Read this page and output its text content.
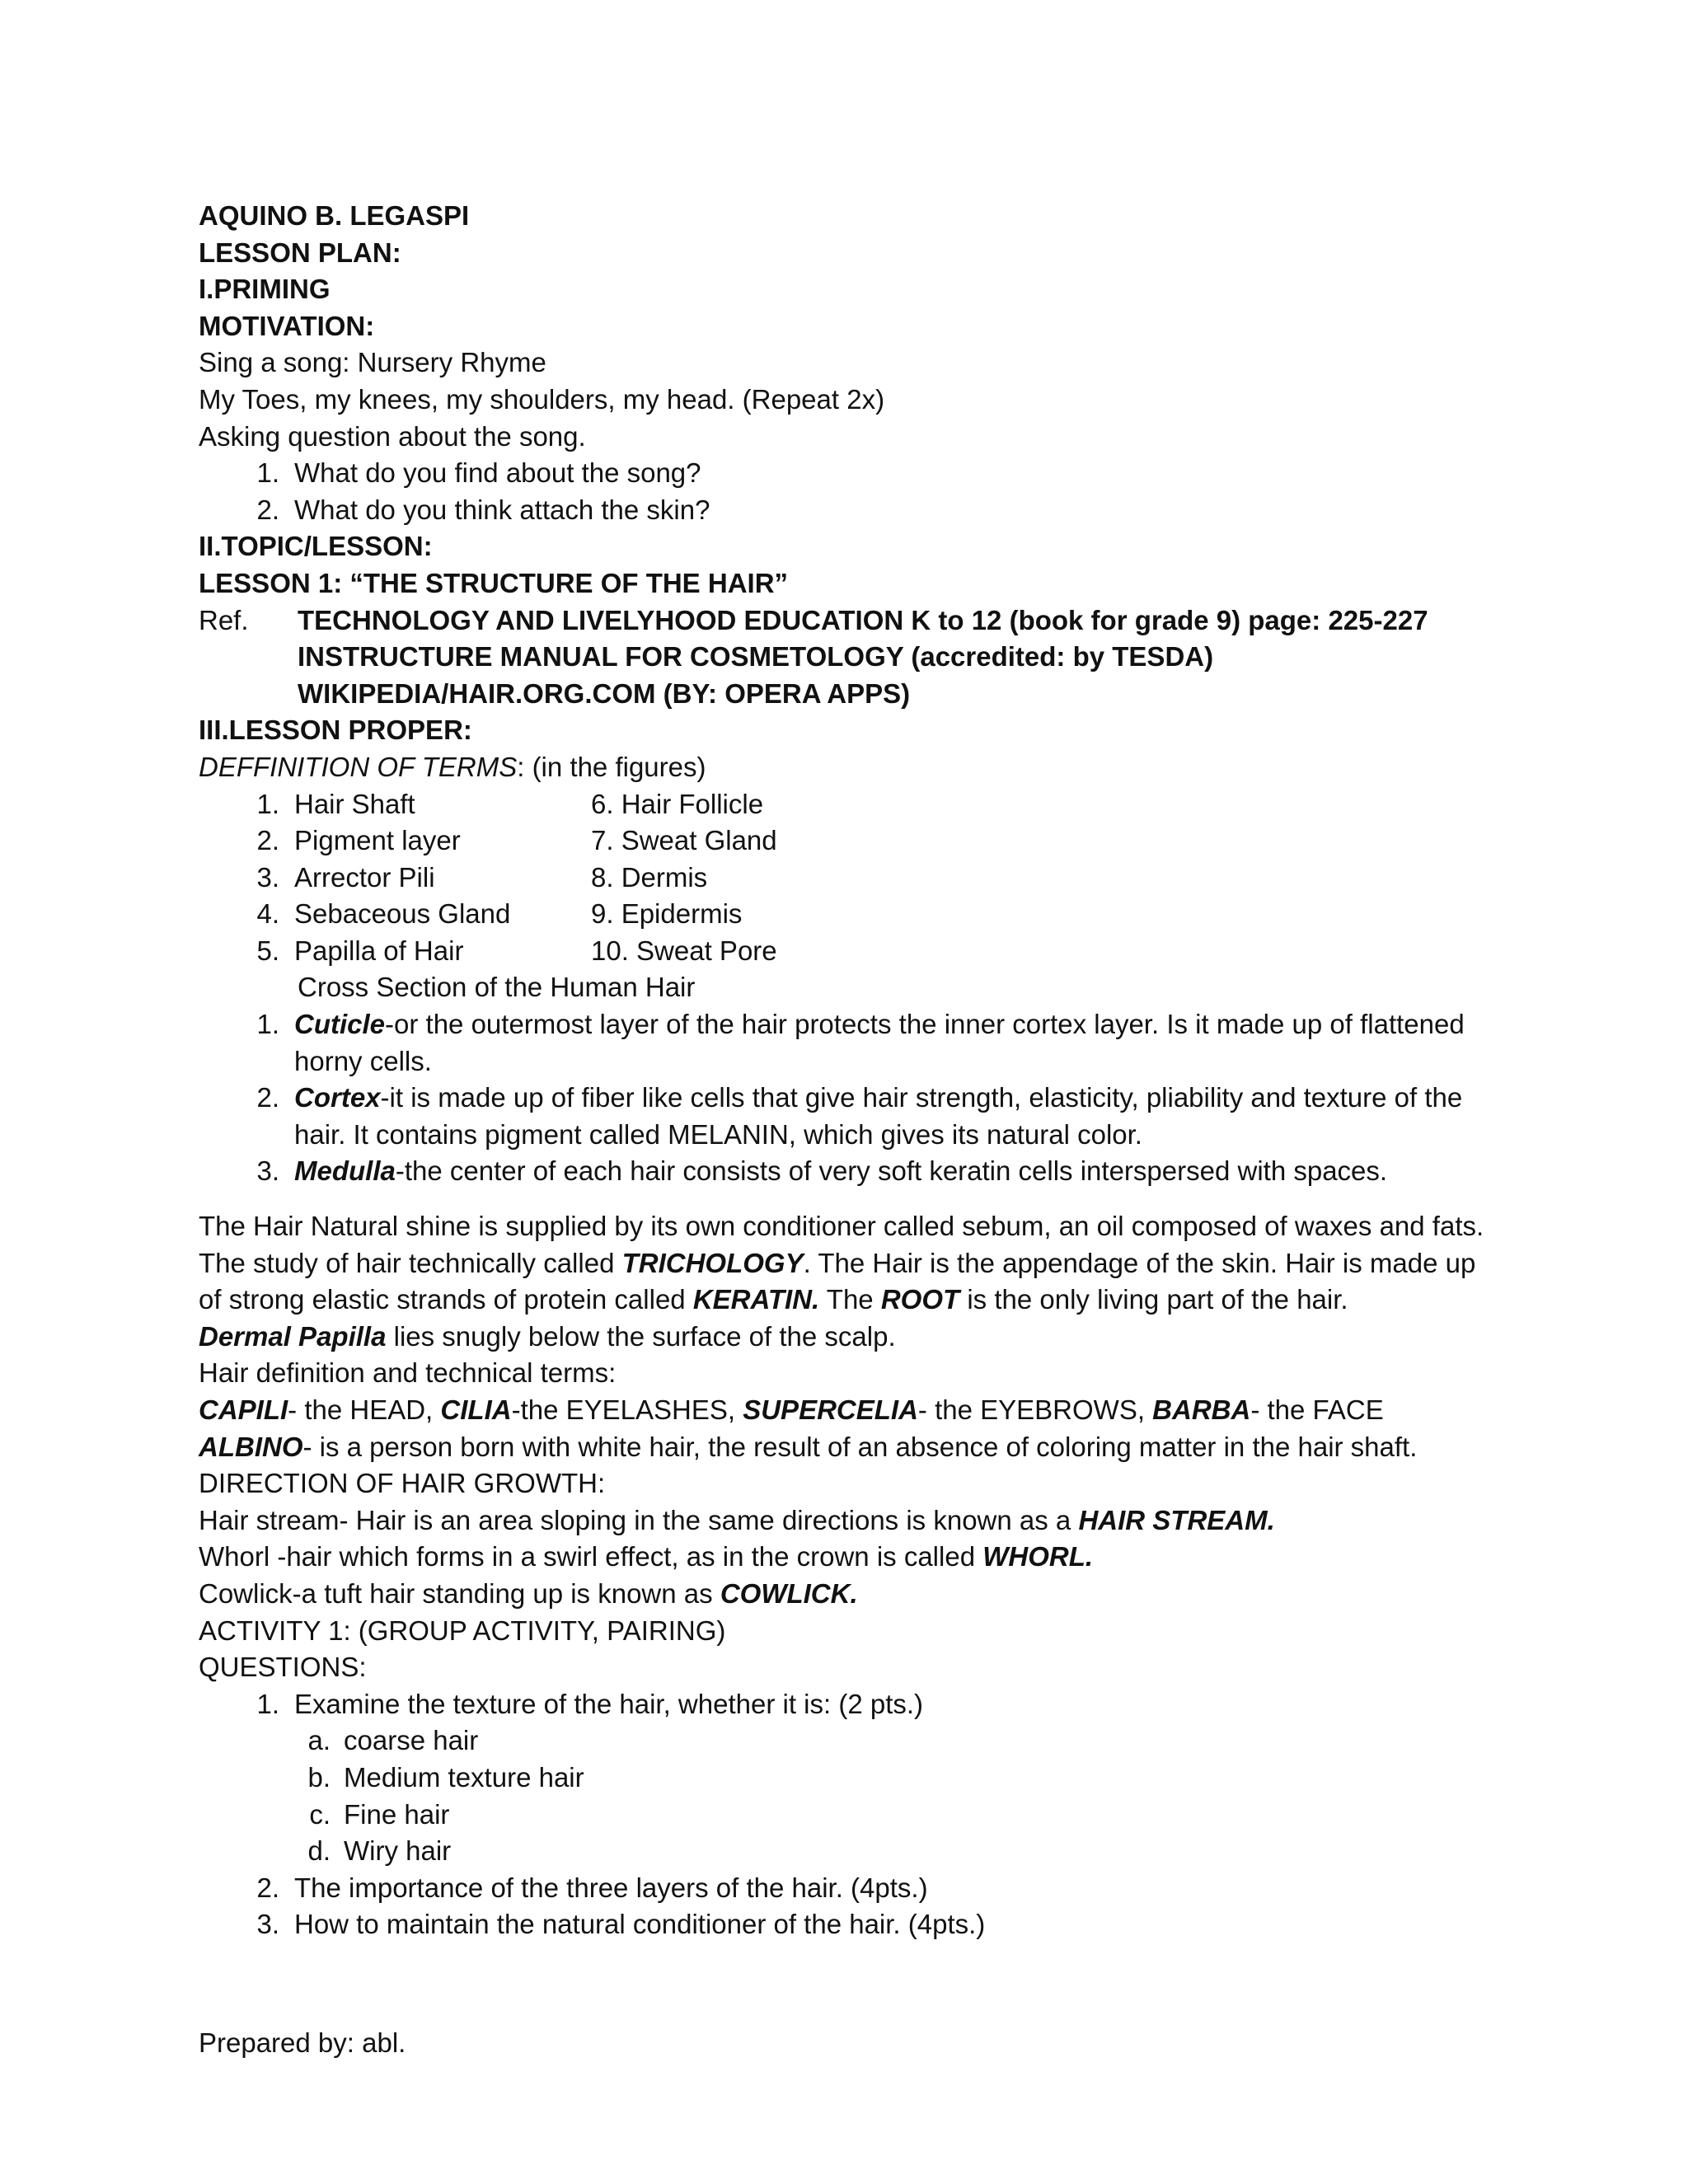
AQUINO B. LEGASPI
LESSON PLAN:
I.PRIMING
MOTIVATION:
Sing a song: Nursery Rhyme
My Toes, my knees, my shoulders, my head. (Repeat 2x)
Asking question about the song.
1. What do you find about the song?
2. What do you think attach the skin?
II.TOPIC/LESSON:
LESSON 1: “THE STRUCTURE OF THE HAIR”
Ref.	TECHNOLOGY AND LIVELYHOOD EDUCATION K to 12 (book for grade 9) page: 225-227
INSTRUCTURE MANUAL FOR COSMETOLOGY (accredited: by TESDA)
WIKIPEDIA/HAIR.ORG.COM (BY: OPERA APPS)
III.LESSON PROPER:
DEFFINITION OF TERMS: (in the figures)
1. Hair Shaft	6. Hair Follicle
2. Pigment layer	7. Sweat Gland
3. Arrector Pili	8. Dermis
4. Sebaceous Gland	9. Epidermis
5. Papilla of Hair	10. Sweat Pore
Cross Section of the Human Hair
1. Cuticle-or the outermost layer of the hair protects the inner cortex layer. Is it made up of flattened horny cells.
2. Cortex-it is made up of fiber like cells that give hair strength, elasticity, pliability and texture of the hair. It contains pigment called MELANIN, which gives its natural color.
3. Medulla-the center of each hair consists of very soft keratin cells interspersed with spaces.
The Hair Natural shine is supplied by its own conditioner called sebum, an oil composed of waxes and fats. The study of hair technically called TRICHOLOGY. The Hair is the appendage of the skin. Hair is made up of strong elastic strands of protein called KERATIN. The ROOT is the only living part of the hair.
Dermal Papilla lies snugly below the surface of the scalp.
Hair definition and technical terms:
CAPILI- the HEAD, CILIA-the EYELASHES, SUPERCELIA- the EYEBROWS, BARBA- the FACE
ALBINO- is a person born with white hair, the result of an absence of coloring matter in the hair shaft.
DIRECTION OF HAIR GROWTH:
Hair stream- Hair is an area sloping in the same directions is known as a HAIR STREAM.
Whorl -hair which forms in a swirl effect, as in the crown is called WHORL.
Cowlick-a tuft hair standing up is known as COWLICK.
ACTIVITY 1: (GROUP ACTIVITY, PAIRING)
QUESTIONS:
1. Examine the texture of the hair, whether it is: (2 pts.)
a. coarse hair
b. Medium texture hair
c. Fine hair
d. Wiry hair
2. The importance of the three layers of the hair. (4pts.)
3. How to maintain the natural conditioner of the hair. (4pts.)
Prepared by: abl.
